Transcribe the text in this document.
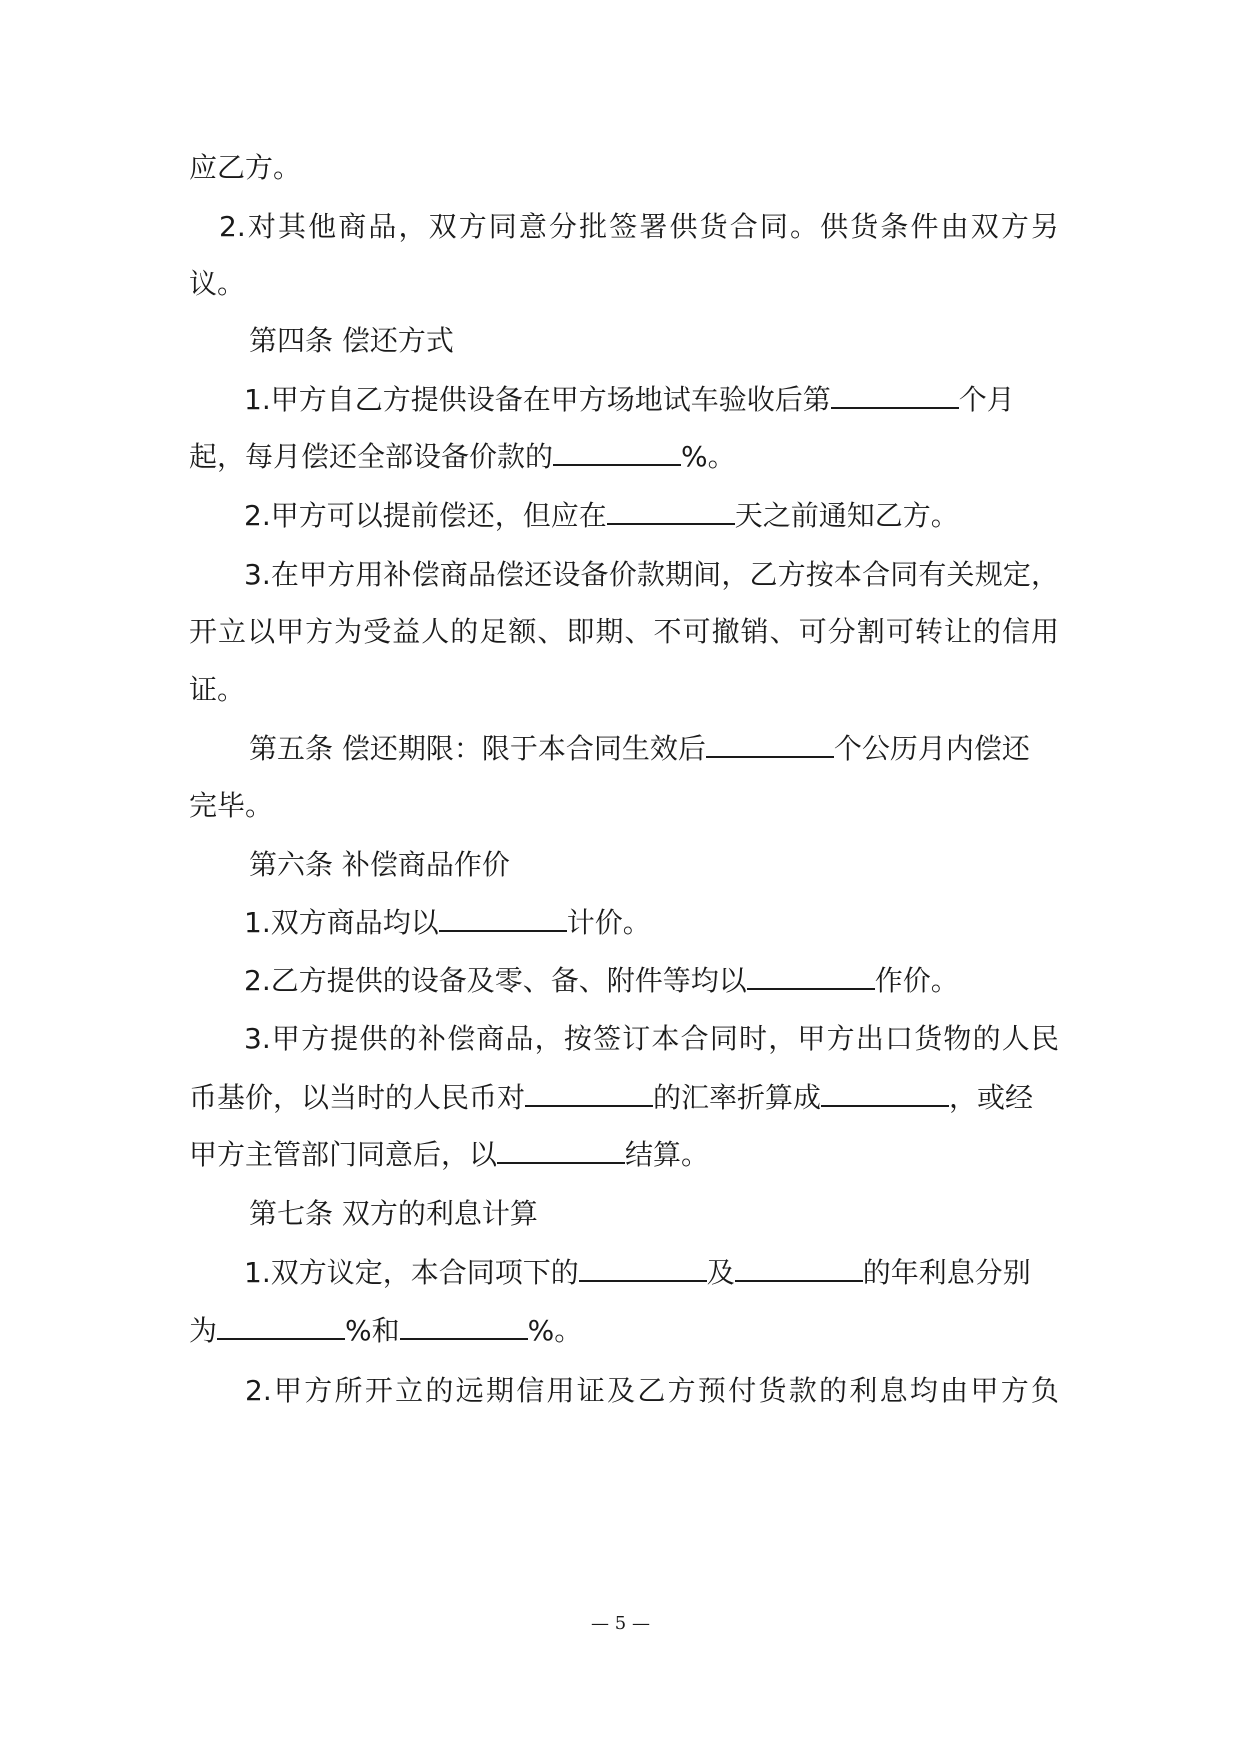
应乙方。
2.对其他商品，双方同意分批签署供货合同。供货条件由双方另
议。
第四条 偿还方式
1.甲方自乙方提供设备在甲方场地试车验收后第	个月
起，每月偿还全部设备价款的	%。
2.甲方可以提前偿还，但应在	天之前通知乙方。
3.在甲方用补偿商品偿还设备价款期间，乙方按本合同有关规定，
开立以甲方为受益人的足额、即期、不可撤销、可分割可转让的信用
证。
第五条 偿还期限：限于本合同生效后	个公历月内偿还
完毕。
第六条 补偿商品作价
1.双方商品均以	计价。
2.乙方提供的设备及零、备、附件等均以	作价。
3.甲方提供的补偿商品，按签订本合同时，甲方出口货物的人民
币基价，以当时的人民币对	的汇率折算成	，或经
甲方主管部门同意后，以	结算。
第七条 双方的利息计算
1.双方议定，本合同项下的	及	的年利息分别
为	%和	%。
2.甲方所开立的远期信用证及乙方预付货款的利息均由甲方负
— 5 —
